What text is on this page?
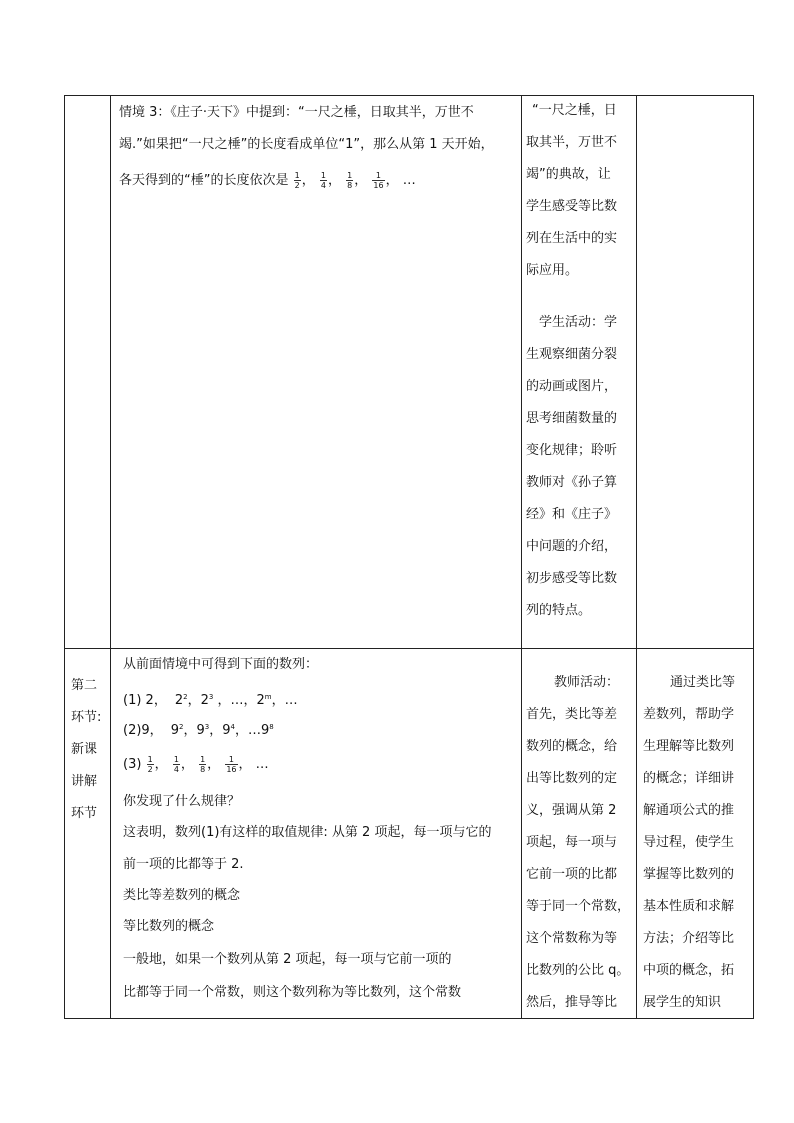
情境 3：《庄子·天下》中提到：“一尺之棰，日取其半，万世不
竭.”如果把“一尺之棰”的长度看成单位“1”，那么从第 1 天开始，
各天得到的“棰”的长度依次是 $\frac{1}{2}$ ， $\frac{1}{4}$ ， $\frac{1}{8}$ ， $\frac{1}{16}$ ， …
“一尺之棰，日
取其半，万世不
竭”的典故，让
学生感受等比数
列在生活中的实
际应用。
学生活动：学
生观察细菌分裂
的动画或图片，
思考细菌数量的
变化规律；聆听
教师对《孙子算
经》和《庄子》
中问题的介绍，
初步感受等比数
列的特点。
第二
环节:
新课
讲解
环节
从前面情境中可得到下面的数列：
(1) 2， $2^2$，$2^3$ ，…，2$^m$，…
(2)9， $9^2$，$9^3$，$9^4$，$\dots 9^8$
$(3) \frac{1}{2}$ ， $\frac{1}{4}$ ， $\frac{1}{8}$ ， $\frac{1}{16}$ ， …
你发现了什么规律？
这表明，数列(1)有这样的取值规律: 从第 2 项起，每一项与它的
前一项的比都等于 2.
类比等差数列的概念
等比数列的概念
一般地，如果一个数列从第 2 项起，每一项与它前一项的
比都等于同一个常数，则这个数列称为等比数列，这个常数
教师活动：
首先，类比等差
数列的概念，给
出等比数列的定
义，强调从第 2
项起，每一项与
它前一项的比都
等于同一个常数，
这个常数称为等
比数列的公比 q。
然后，推导等比
通过类比等
差数列，帮助学
生理解等比数列
的概念；详细讲
解通项公式的推
导过程，使学生
掌握等比数列的
基本性质和求解
方法；介绍等比
中项的概念，拓
展学生的知识
